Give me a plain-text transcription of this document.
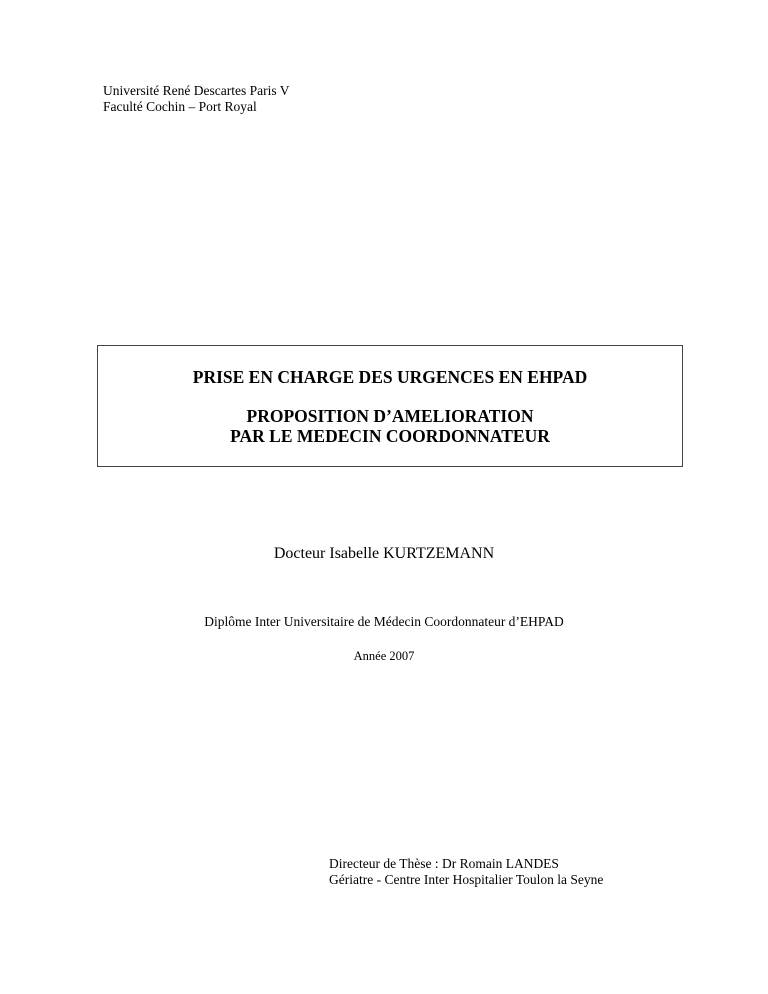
Université René Descartes Paris V
Faculté Cochin – Port Royal
PRISE EN CHARGE DES URGENCES EN EHPAD
PROPOSITION D’AMELIORATION
PAR LE MEDECIN COORDONNATEUR
Docteur Isabelle KURTZEMANN
Diplôme Inter Universitaire de Médecin Coordonnateur d’EHPAD
Année 2007
Directeur de Thèse : Dr Romain LANDES
Gériatre - Centre Inter Hospitalier Toulon la Seyne
